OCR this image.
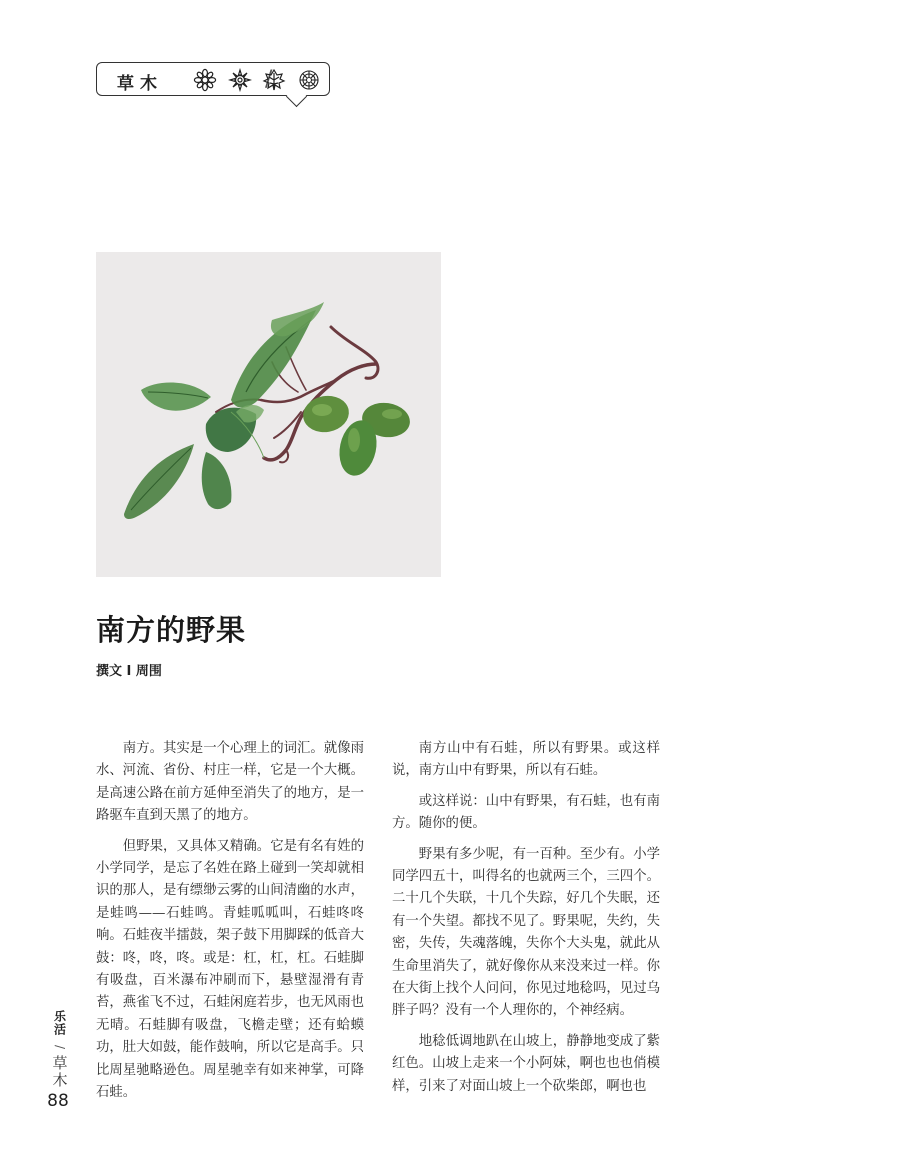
草木	/
南方的野果
撰文 I 周围

南方。其实是一个心理上的词汇。就像雨水、河流、省份、村庄一样，它是一个大概。是高速公路在前方延伸至消失了的地方，是一路驱车直到天黑了的地方。

但野果，又具体又精确。它是有名有姓的小学同学，是忘了名姓在路上碰到一笑却就相识的那人，是有缥缈云雾的山间清幽的水声，是蛙鸣——石蛙鸣。青蛙呱呱叫，石蛙咚咚响。石蛙夜半擂鼓，架子鼓下用脚踩的低音大鼓：咚，咚，咚。或是：杠，杠，杠。石蛙脚有吸盘，百米瀑布冲刷而下，悬壁湿滑有青苔，燕雀飞不过，石蛙闲庭若步，也无风雨也无晴。石蛙脚有吸盘，飞檐走壁；还有蛤蟆功，肚大如鼓，能作鼓响，所以它是高手。只比周星驰略逊色。周星驰幸有如来神掌，可降石蛙。

南方山中有石蛙，所以有野果。或这样说，南方山中有野果，所以有石蛙。

或这样说：山中有野果，有石蛙，也有南方。随你的便。

野果有多少呢，有一百种。至少有。小学同学四五十，叫得名的也就两三个，三四个。二十几个失联，十几个失踪，好几个失眠，还有一个失望。都找不见了。野果呢，失约，失密，失传，失魂落魄，失你个大头鬼，就此从生命里消失了，就好像你从来没来过一样。你在大街上找个人问问，你见过地稔吗，见过乌胖子吗？没有一个人理你的，个神经病。

地稔低调地趴在山坡上，静静地变成了紫红色。山坡上走来一个小阿妹，啊也也也俏模样，引来了对面山坡上一个砍柴郎，啊也也

乐活
/
草木
88
